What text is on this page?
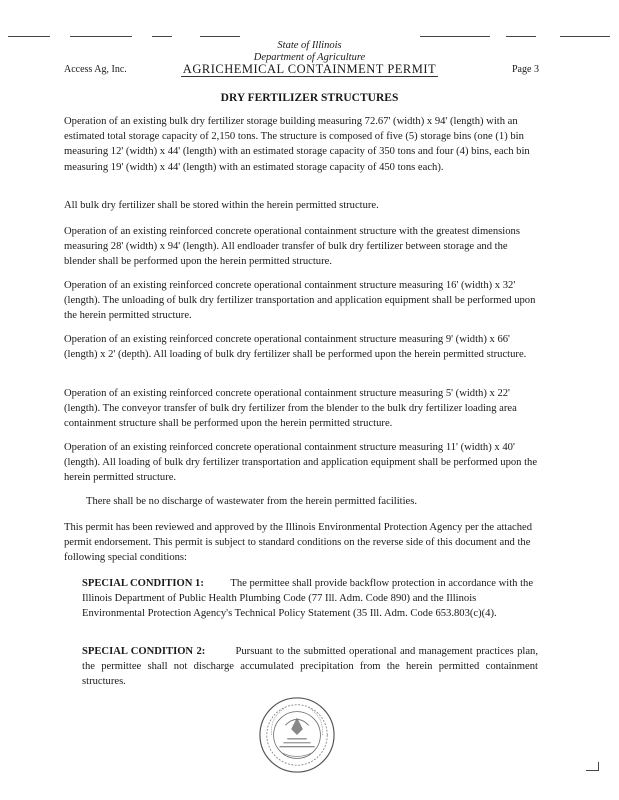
State of Illinois
Department of Agriculture
Access Ag, Inc.	AGRICHEMICAL CONTAINMENT PERMIT	Page 3
DRY FERTILIZER STRUCTURES
Operation of an existing bulk dry fertilizer storage building measuring 72.67' (width) x 94' (length) with an estimated total storage capacity of 2,150 tons. The structure is composed of five (5) storage bins (one (1) bin measuring 12' (width) x 44' (length) with an estimated storage capacity of 350 tons and four (4) bins, each bin measuring 19' (width) x 44' (length) with an estimated storage capacity of 450 tons each).
All bulk dry fertilizer shall be stored within the herein permitted structure.
Operation of an existing reinforced concrete operational containment structure with the greatest dimensions measuring 28' (width) x 94' (length). All endloader transfer of bulk dry fertilizer between storage and the blender shall be performed upon the herein permitted structure.
Operation of an existing reinforced concrete operational containment structure measuring 16' (width) x 32' (length). The unloading of bulk dry fertilizer transportation and application equipment shall be performed upon the herein permitted structure.
Operation of an existing reinforced concrete operational containment structure measuring 9' (width) x 66' (length) x 2' (depth). All loading of bulk dry fertilizer shall be performed upon the herein permitted structure.
Operation of an existing reinforced concrete operational containment structure measuring 5' (width) x 22' (length). The conveyor transfer of bulk dry fertilizer from the blender to the bulk dry fertilizer loading area containment structure shall be performed upon the herein permitted structure.
Operation of an existing reinforced concrete operational containment structure measuring 11' (width) x 40' (length). All loading of bulk dry fertilizer transportation and application equipment shall be performed upon the herein permitted structure.
There shall be no discharge of wastewater from the herein permitted facilities.
This permit has been reviewed and approved by the Illinois Environmental Protection Agency per the attached permit endorsement. This permit is subject to standard conditions on the reverse side of this document and the following special conditions:
SPECIAL CONDITION 1: The permittee shall provide backflow protection in accordance with the Illinois Department of Public Health Plumbing Code (77 Ill. Adm. Code 890) and the Illinois Environmental Protection Agency's Technical Policy Statement (35 Ill. Adm. Code 653.803(c)(4).
SPECIAL CONDITION 2:	Pursuant to the submitted operational and management practices plan, the permittee shall not discharge accumulated precipitation from the herein permitted containment structures.
